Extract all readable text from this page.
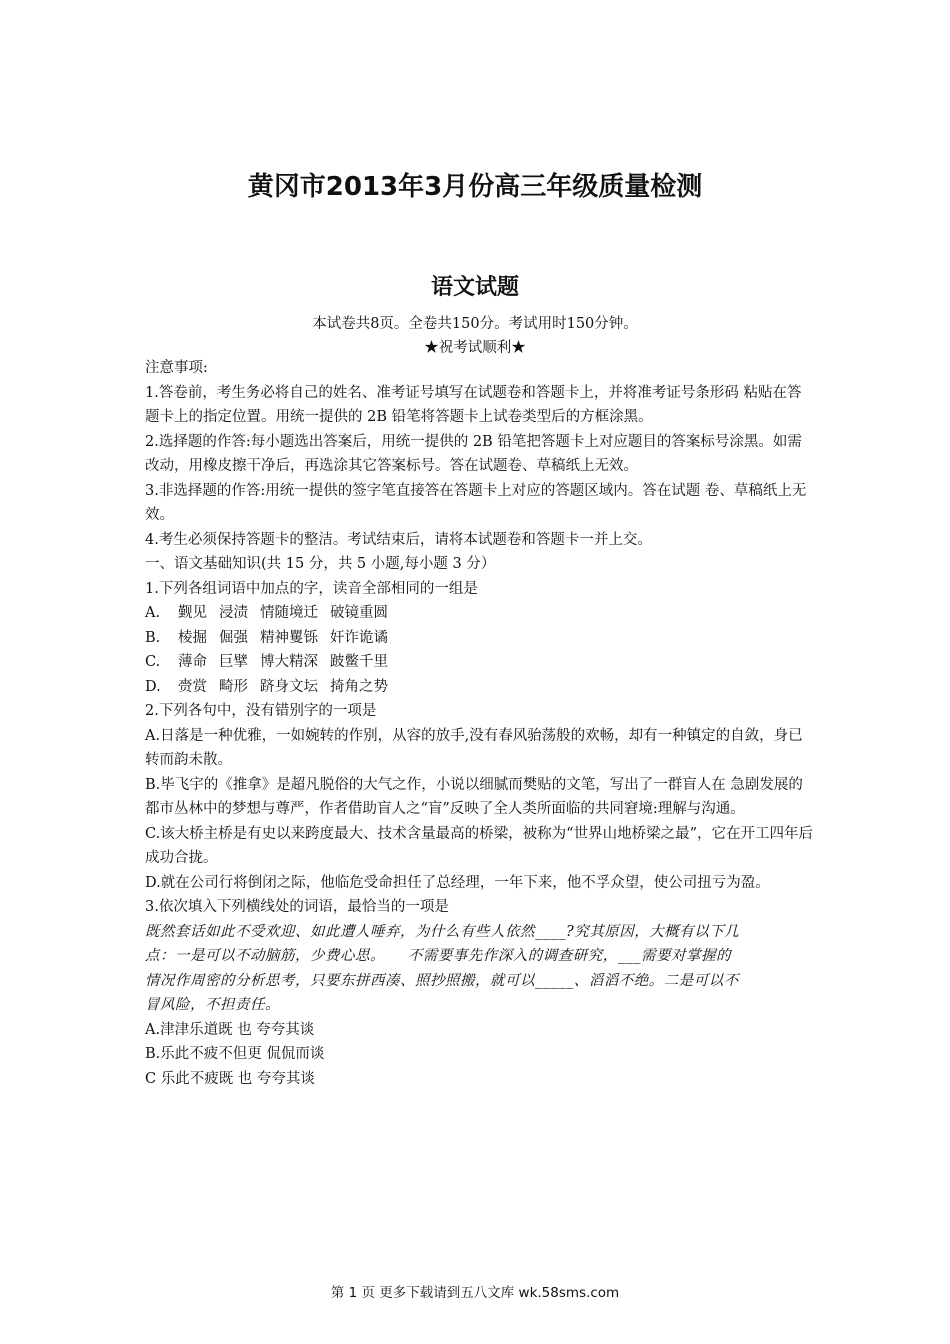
黄冈市2013年3月份高三年级质量检测
语文试题
本试卷共8页。全卷共150分。考试用时150分钟。
★祝考试顺利★

注意事项:

1.答卷前，考生务必将自己的姓名、准考证号填写在试题卷和答题卡上，并将准考证号条形码 粘贴在答题卡上的指定位置。用统一提供的 2B 铅笔将答题卡上试卷类型后的方框涂黑。

2.选择题的作答:每小题选出答案后，用统一提供的 2B 铅笔把答题卡上对应题目的答案标号涂黑。如需改动，用橡皮擦干净后，再选涂其它答案标号。答在试题卷、草稿纸上无效。

3.非选择题的作答:用统一提供的签字笔直接答在答题卡上对应的答题区域内。答在试题 卷、草稿纸上无效。

4.考生必须保持答题卡的整洁。考试结束后，请将本试题卷和答题卡一并上交。

一、语文基础知识(共 15 分，共 5 小题,每小题 3 分）

1.下列各组词语中加点的字，读音全部相同的一组是

A.	觐见 浸渍 情随境迁 破镜重圆
B.	棱掘 倔强 精神矍铄 奸诈诡谲
C.	薄命 巨擘 博大精深 跛鳖千里
D.	赍赏 畸形 跻身文坛 掎角之势

2.下列各句中，没有错别字的一项是

A.日落是一种优雅，一如婉转的作别，从容的放手,没有春风骀荡般的欢畅，却有一种镇定的自敛，身已转而韵未散。

B.毕飞宇的《推拿》是超凡脱俗的大气之作，小说以细腻而樊贴的文笔，写出了一群盲人在 急剧发展的都市丛林中的梦想与尊严，作者借助盲人之“盲”反映了全人类所面临的共同窘境:理解与沟通。

C.该大桥主桥是有史以来跨度最大、技术含量最高的桥梁，被称为“世界山地桥梁之最”，它在开工四年后成功合拢。

D.就在公司行将倒闭之际，他临危受命担任了总经理，一年下来，他不孚众望，使公司扭亏为盈。

3.依次填入下列横线处的词语，最恰当的一项是

既然套话如此不受欢迎、如此遭人唾弃，为什么有些人依然____?究其原因，大概有以下几

点：一是可以不动脑筋，少费心思。　　不需要事先作深入的调查研究，___需要对掌握的

情况作周密的分析思考，只要东拼西凑、照抄照搬，就可以_____、滔滔不绝。二是可以不

冒风险，不担责任。

A.津津乐道既 也 夸夸其谈

B.乐此不疲不但更 侃侃而谈

C 乐此不疲既 也 夸夸其谈

第 1 页 更多下载请到五八文库 wk.58sms.com
